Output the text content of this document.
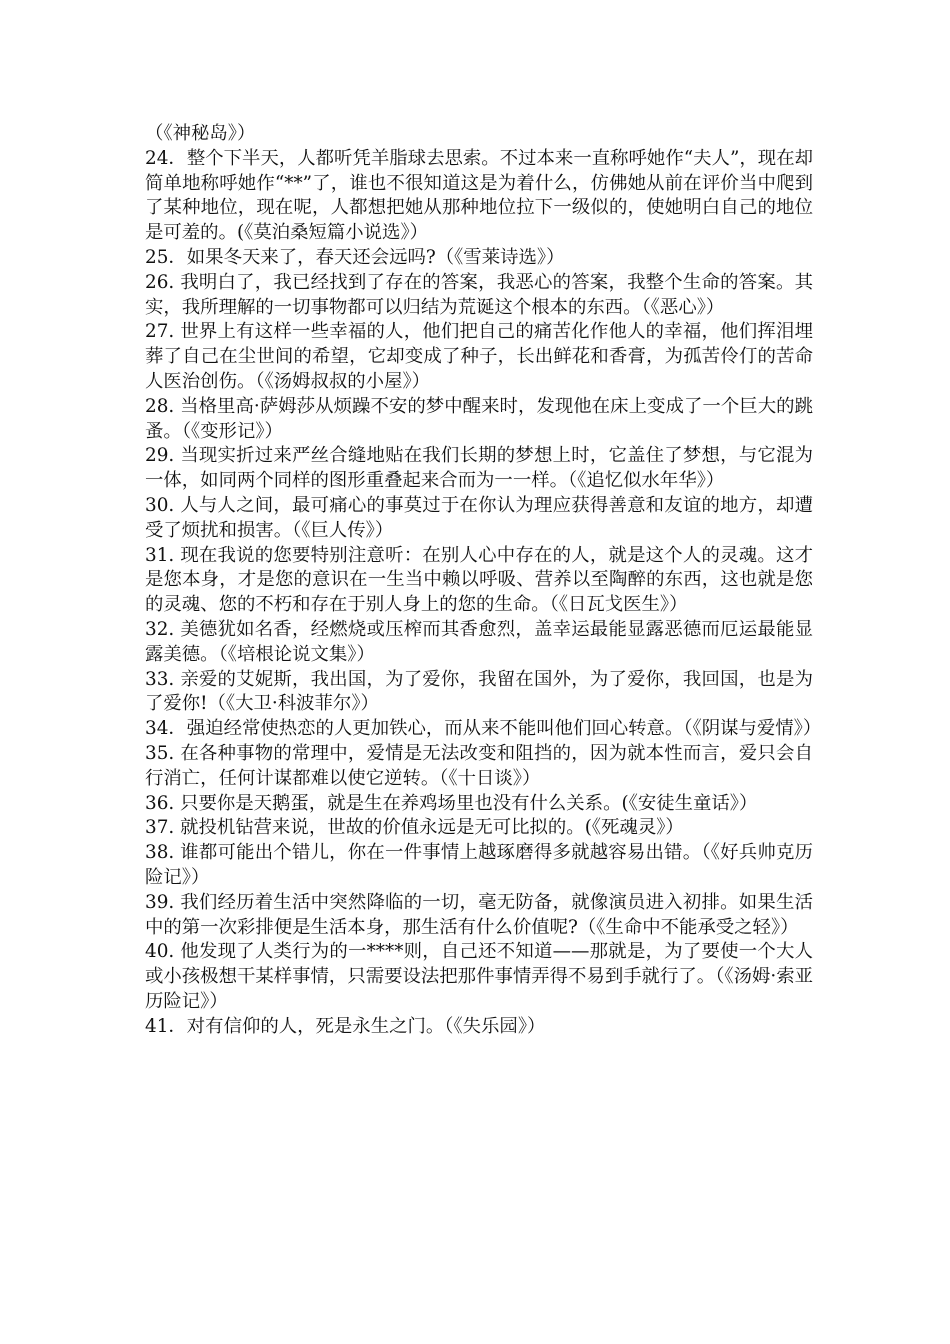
（《神秘岛》）

24．整个下半天，人都听凭羊脂球去思索。不过本来一直称呼她作“夫人”，现在却简单地称呼她作“**”了，谁也不很知道这是为着什么，仿佛她从前在评价当中爬到了某种地位，现在呢，人都想把她从那种地位拉下一级似的，使她明白自己的地位是可羞的。(《莫泊桑短篇小说选》）

25．如果冬天来了，春天还会远吗?（《雪莱诗选》）

26. 我明白了，我已经找到了存在的答案，我恶心的答案，我整个生命的答案。其实，我所理解的一切事物都可以归结为荒诞这个根本的东西。（《恶心》）

27. 世界上有这样一些幸福的人，他们把自己的痛苦化作他人的幸福，他们挥泪埋葬了自己在尘世间的希望，它却变成了种子，长出鲜花和香膏，为孤苦伶仃的苦命人医治创伤。（《汤姆叔叔的小屋》）

28. 当格里高·萨姆莎从烦躁不安的梦中醒来时，发现他在床上变成了一个巨大的跳蚤。（《变形记》）

29. 当现实折过来严丝合缝地贴在我们长期的梦想上时，它盖住了梦想，与它混为一体，如同两个同样的图形重叠起来合而为一一样。（《追忆似水年华》）

30. 人与人之间，最可痛心的事莫过于在你认为理应获得善意和友谊的地方，却遭受了烦扰和损害。（《巨人传》）

31. 现在我说的您要特别注意听：在别人心中存在的人，就是这个人的灵魂。这才是您本身，才是您的意识在一生当中赖以呼吸、营养以至陶醉的东西，这也就是您的灵魂、您的不朽和存在于别人身上的您的生命。（《日瓦戈医生》）

32. 美德犹如名香，经燃烧或压榨而其香愈烈，盖幸运最能显露恶德而厄运最能显露美德。（《培根论说文集》）

33. 亲爱的艾妮斯，我出国，为了爱你，我留在国外，为了爱你，我回国，也是为了爱你!（《大卫·科波菲尔》）

34．强迫经常使热恋的人更加铁心，而从来不能叫他们回心转意。（《阴谋与爱情》）

35. 在各种事物的常理中，爱情是无法改变和阻挡的，因为就本性而言，爱只会自行消亡，任何计谋都难以使它逆转。（《十日谈》）

36. 只要你是天鹅蛋，就是生在养鸡场里也没有什么关系。(《安徒生童话》）

37. 就投机钻营来说，世故的价值永远是无可比拟的。(《死魂灵》）

38. 谁都可能出个错儿，你在一件事情上越琢磨得多就越容易出错。（《好兵帅克历险记》）

39. 我们经历着生活中突然降临的一切，毫无防备，就像演员进入初排。如果生活中的第一次彩排便是生活本身，那生活有什么价值呢?（《生命中不能承受之轻》）

40. 他发现了人类行为的一****则，自己还不知道——那就是，为了要使一个大人或小孩极想干某样事情，只需要设法把那件事情弄得不易到手就行了。（《汤姆·索亚历险记》）

41．对有信仰的人，死是永生之门。（《失乐园》）
